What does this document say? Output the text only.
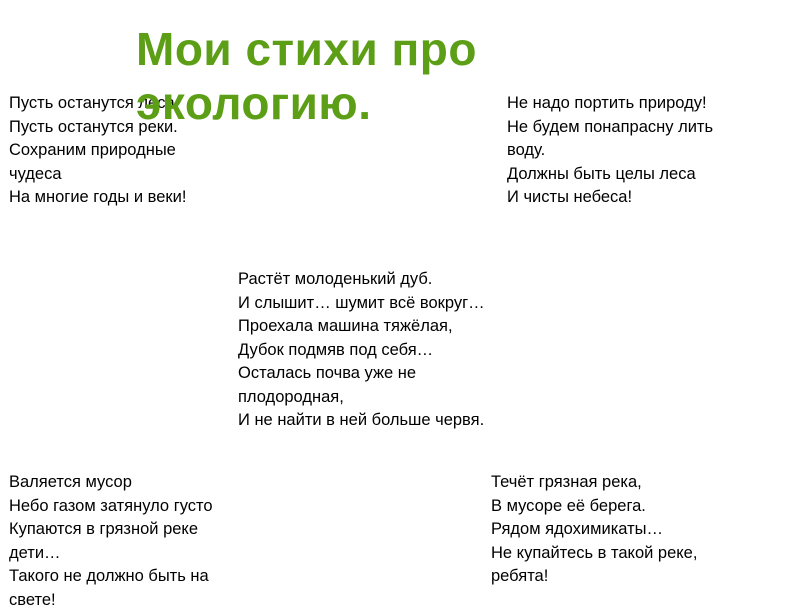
Мои стихи про
экологию.
Пусть останутся леса,
Пусть останутся реки.
Сохраним природные
чудеса
На многие годы и веки!
Не надо портить природу!
Не будем понапрасну лить
воду.
Должны быть целы леса
И чисты небеса!
Растёт молоденький дуб.
И слышит… шумит всё вокруг…
Проехала машина тяжёлая,
Дубок подмяв под себя…
Осталась почва уже не
плодородная,
И не найти в ней больше червя.
Валяется мусор
Небо газом затянуло густо
Купаются в грязной реке
дети…
Такого не должно быть на
свете!
Течёт грязная река,
В мусоре её берега.
Рядом ядохимикаты…
Не купайтесь в такой реке,
ребята!
